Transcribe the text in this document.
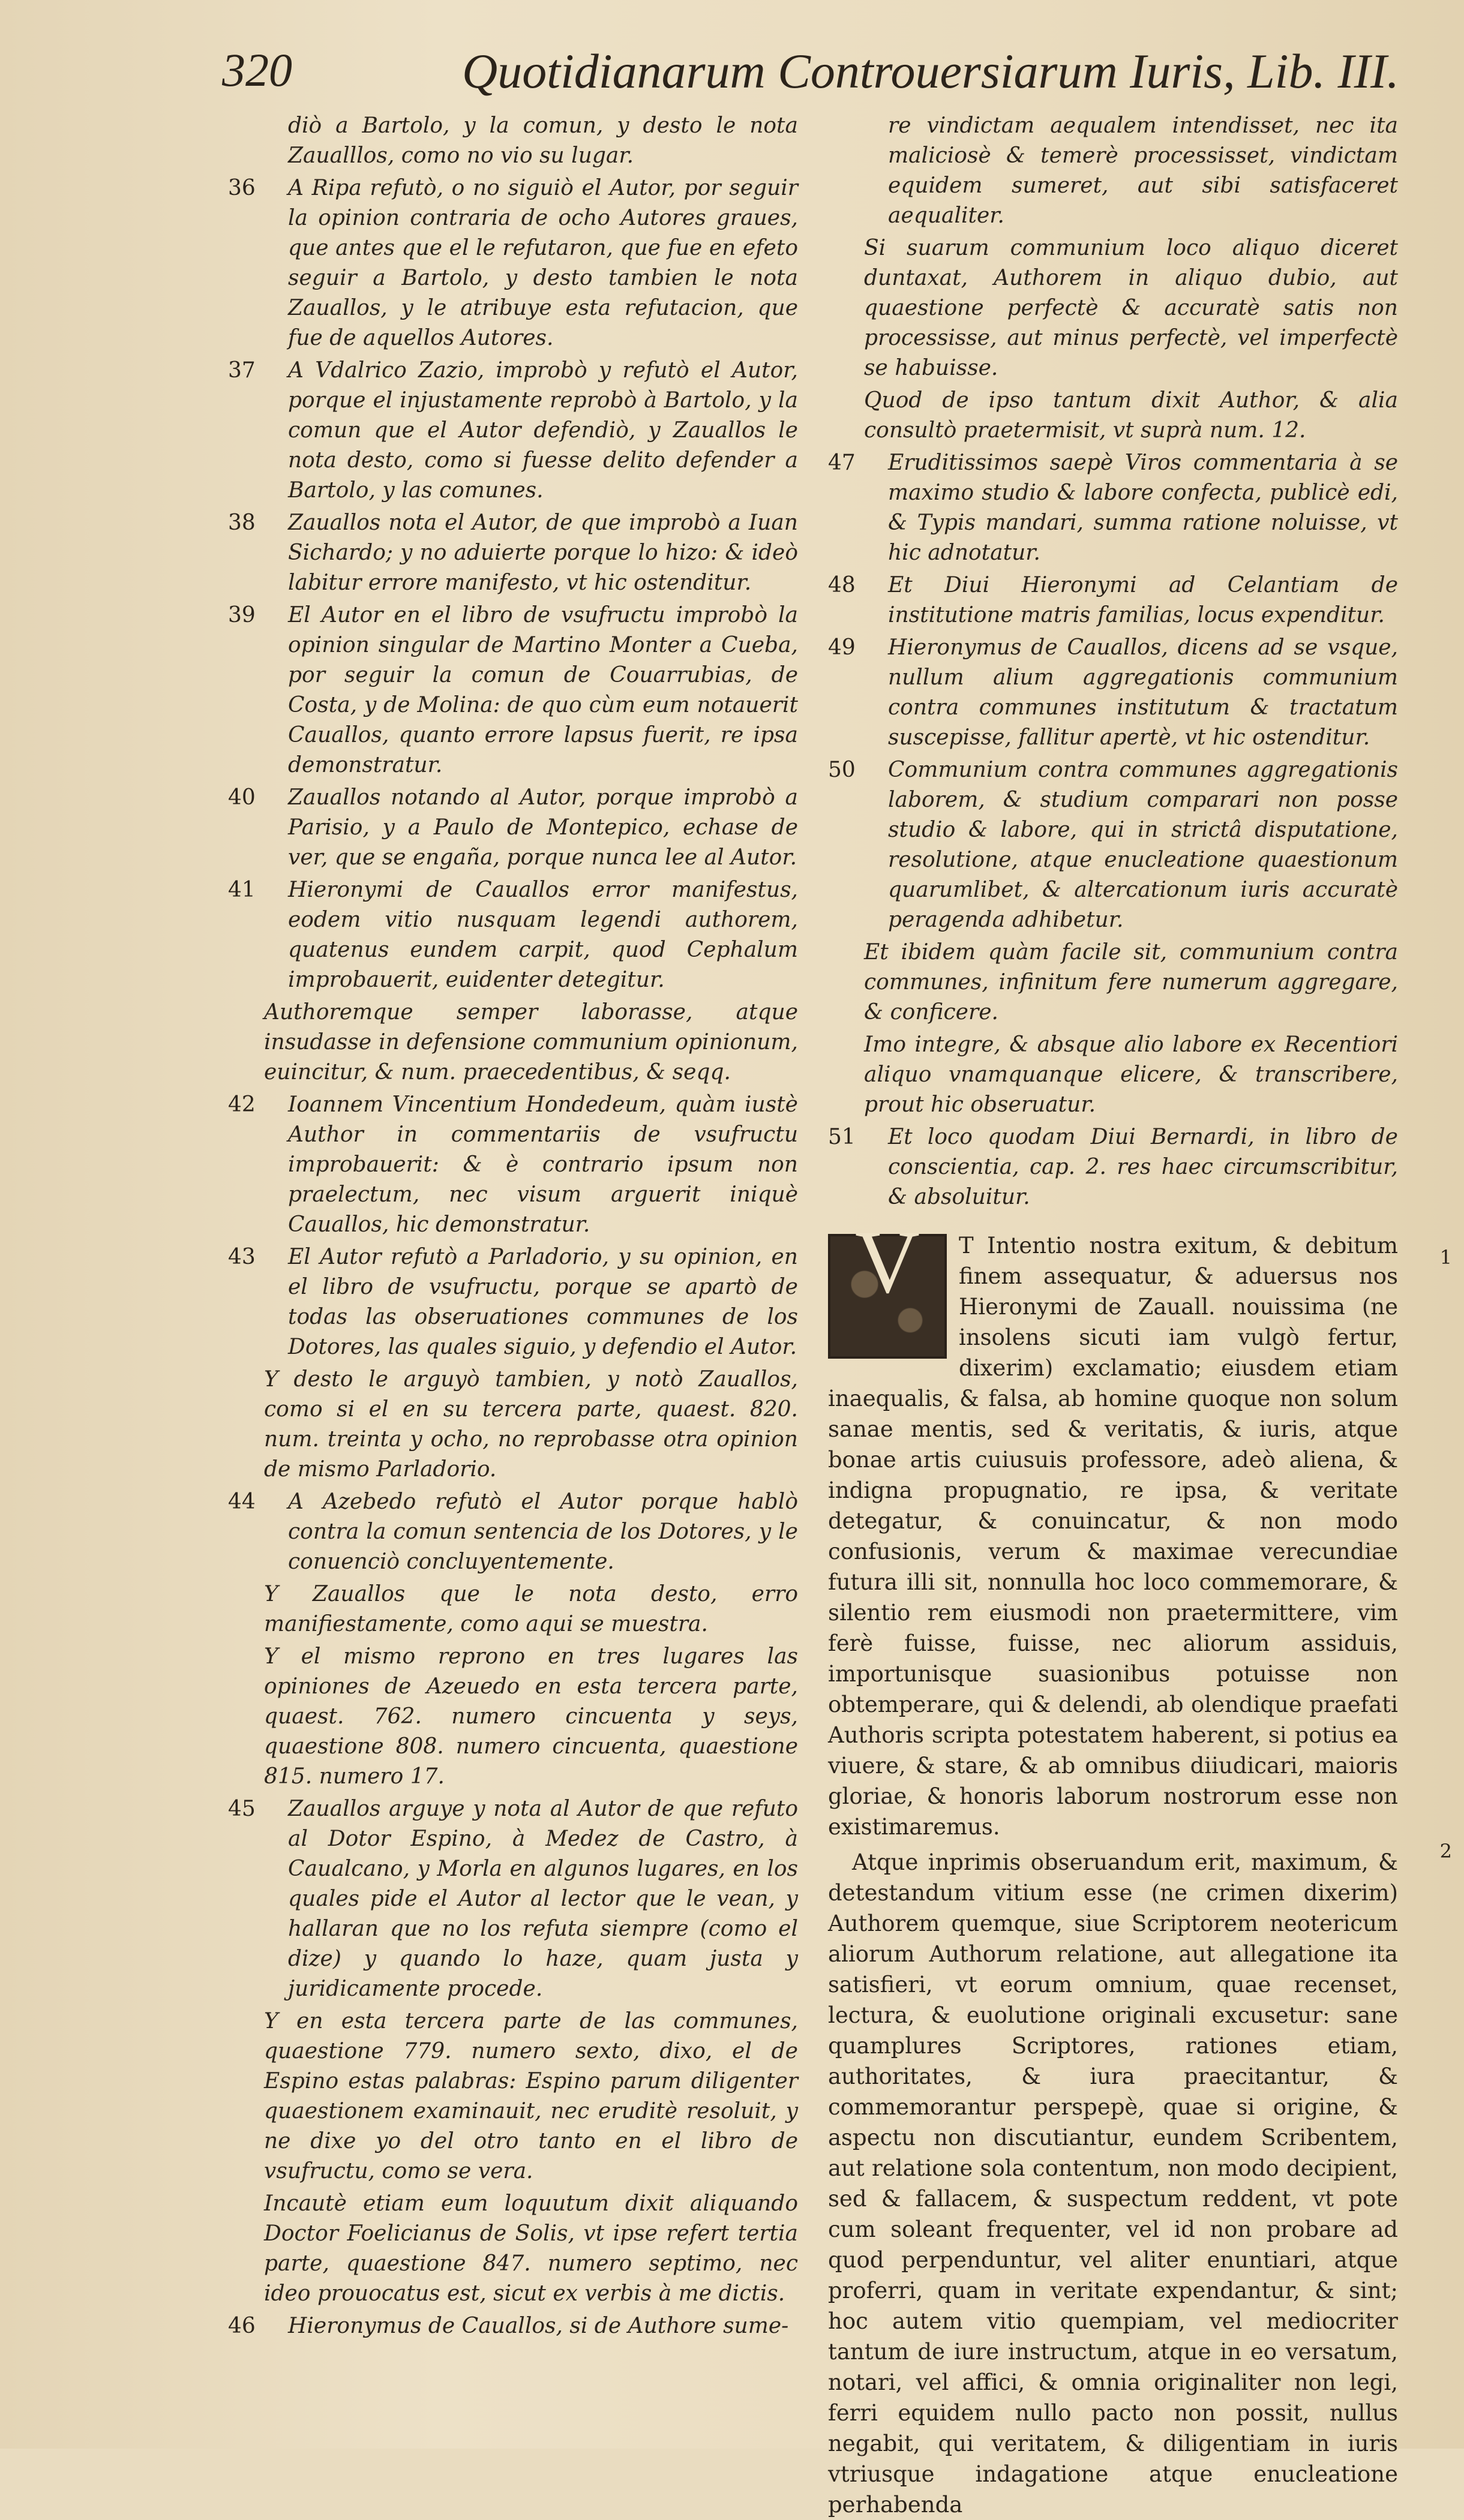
320	Quotidianarum Controuersiarum Iuris, Lib. III.

diò a Bartolo, y la comun, y desto le nota Zaualllos, como no vio su lugar.

36	A Ripa refutò, o no siguiò el Autor, por seguir la opinion contraria de ocho Autores graues, que antes que el le refutaron, que fue en efeto seguir a Bartolo, y desto tambien le nota Zauallos, y le atribuye esta refutacion, que fue de aquellos Autores.

37	A Vdalrico Zazio, improbò y refutò el Autor, porque el injustamente reprobò à Bartolo, y la comun que el Autor defendiò, y Zauallos le nota desto, como si fuesse delito defender a Bartolo, y las comunes.

38	Zauallos nota el Autor, de que improbò a Iuan Sichardo; y no aduierte porque lo hizo: & ideò labitur errore manifesto, vt hic ostenditur.

39	El Autor en el libro de vsufructu improbò la opinion singular de Martino Monter a Cueba, por seguir la comun de Couarrubias, de Costa, y de Molina: de quo cùm eum notauerit Cauallos, quanto errore lapsus fuerit, re ipsa demonstratur.

40	Zauallos notando al Autor, porque improbò a Parisio, y a Paulo de Montepico, echase de ver, que se engaña, porque nunca lee al Autor.

41	Hieronymi de Cauallos error manifestus, eodem vitio nusquam legendi authorem, quatenus eundem carpit, quod Cephalum improbauerit, euidenter detegitur.

Authoremque semper laborasse, atque insudasse in defensione communium opinionum, euincitur, & num. praecedentibus, & seqq.

42	Ioannem Vincentium Hondedeum, quàm iustè Author in commentariis de vsufructu improbauerit: & è contrario ipsum non praelectum, nec visum arguerit iniquè Cauallos, hic demonstratur.

43	El Autor refutò a Parladorio, y su opinion, en el libro de vsufructu, porque se apartò de todas las obseruationes communes de los Dotores, las quales siguio, y defendio el Autor.

Y desto le arguyò tambien, y notò Zauallos, como si el en su tercera parte, quaest. 820. num. treinta y ocho, no reprobasse otra opinion de mismo Parladorio.

44	A Azebedo refutò el Autor porque hablò contra la comun sentencia de los Dotores, y le conuenciò concluyentemente.

Y Zauallos que le nota desto, erro manifiestamente, como aqui se muestra.

Y el mismo reprono en tres lugares las opiniones de Azeuedo en esta tercera parte, quaest. 762. numero cincuenta y seys, quaestione 808. numero cincuenta, quaestione 815. numero 17.

45	Zauallos arguye y nota al Autor de que refuto al Dotor Espino, à Medez de Castro, à Caualcano, y Morla en algunos lugares, en los quales pide el Autor al lector que le vean, y hallaran que no los refuta siempre (como el dize) y quando lo haze, quam justa y juridicamente procede.

Y en esta tercera parte de las communes, quaestione 779. numero sexto, dixo, el de Espino estas palabras: Espino parum diligenter quaestionem examinauit, nec eruditè resoluit, y ne dixe yo del otro tanto en el libro de vsufructu, como se vera.

Incautè etiam eum loquutum dixit aliquando Doctor Foelicianus de Solis, vt ipse refert tertia parte, quaestione 847. numero septimo, nec ideo prouocatus est, sicut ex verbis à me dictis.

46	Hieronymus de Cauallos, si de Authore sume-

re vindictam aequalem intendisset, nec ita maliciosè & temerè processisset, vindictam equidem sumeret, aut sibi satisfaceret aequaliter.

Si suarum communium loco aliquo diceret duntaxat, Authorem in aliquo dubio, aut quaestione perfectè & accuratè satis non processisse, aut minus perfectè, vel imperfectè se habuisse.

Quod de ipso tantum dixit Author, & alia consultò praetermisit, vt suprà num. 12.

47	Eruditissimos saepè Viros commentaria à se maximo studio & labore confecta, publicè edi, & Typis mandari, summa ratione noluisse, vt hic adnotatur.

48	Et Diui Hieronymi ad Celantiam de institutione matris familias, locus expenditur.

49	Hieronymus de Cauallos, dicens ad se vsque, nullum alium aggregationis communium contra communes institutum & tractatum suscepisse, fallitur apertè, vt hic ostenditur.

50	Communium contra communes aggregationis laborem, & studium comparari non posse studio & labore, qui in strictâ disputatione, resolutione, atque enucleatione quaestionum quarumlibet, & altercationum iuris accuratè peragenda adhibetur.

Et ibidem quàm facile sit, communium contra communes, infinitum fere numerum aggregare, & conficere.

Imo integre, & absque alio labore ex Recentiori aliquo vnamquanque elicere, & transcribere, prout hic obseruatur.

51	Et loco quodam Diui Bernardi, in libro de conscientia, cap. 2. res haec circumscribitur, & absoluitur.

V	T Intentio nostra exitum, & debitum finem assequatur, & aduersus nos Hieronymi de Zauall. nouissima (ne insolens sicuti iam vulgò fertur, dixerim) exclamatio; eiusdem etiam inaequalis, & falsa, ab homine quoque non solum sanae mentis, sed & veritatis, & iuris, atque bonae artis cuiusuis professore, adeò aliena, & indigna propugnatio, re ipsa, & veritate detegatur, & conuincatur, & non modo confusionis, verum & maximae verecundiae futura illi sit, nonnulla hoc loco commemorare, & silentio rem eiusmodi non praetermittere, vim ferè fuisse, fuisse, nec aliorum assiduis, importunisque suasionibus potuisse non obtemperare, qui & delendi, ab olendique praefati Authoris scripta potestatem haberent, si potius ea viuere, & stare, & ab omnibus diiudicari, maioris gloriae, & honoris laborum nostrorum esse non existimaremus.

Atque inprimis obseruandum erit, maximum, & detestandum vitium esse (ne crimen dixerim) Authorem quemque, siue Scriptorem neotericum aliorum Authorum relatione, aut allegatione ita satisfieri, vt eorum omnium, quae recenset, lectura, & euolutione originali excusetur: sane quamplures Scriptores, rationes etiam, authoritates, & iura praecitantur, & commemorantur perspepè, quae si origine, & aspectu non discutiantur, eundem Scribentem, aut relatione sola contentum, non modo decipient, sed & fallacem, & suspectum reddent, vt pote cum soleant frequenter, vel id non probare ad quod perpenduntur, vel aliter enuntiari, atque proferri, quam in veritate expendantur, & sint; hoc autem vitio quempiam, vel mediocriter tantum de iure instructum, atque in eo versatum, notari, vel affici, & omnia originaliter non legi, ferri equidem nullo pacto non possit, nullus negabit, qui veritatem, & diligentiam in iuris vtriusque indagatione atque enucleatione perhabenda

1
2
